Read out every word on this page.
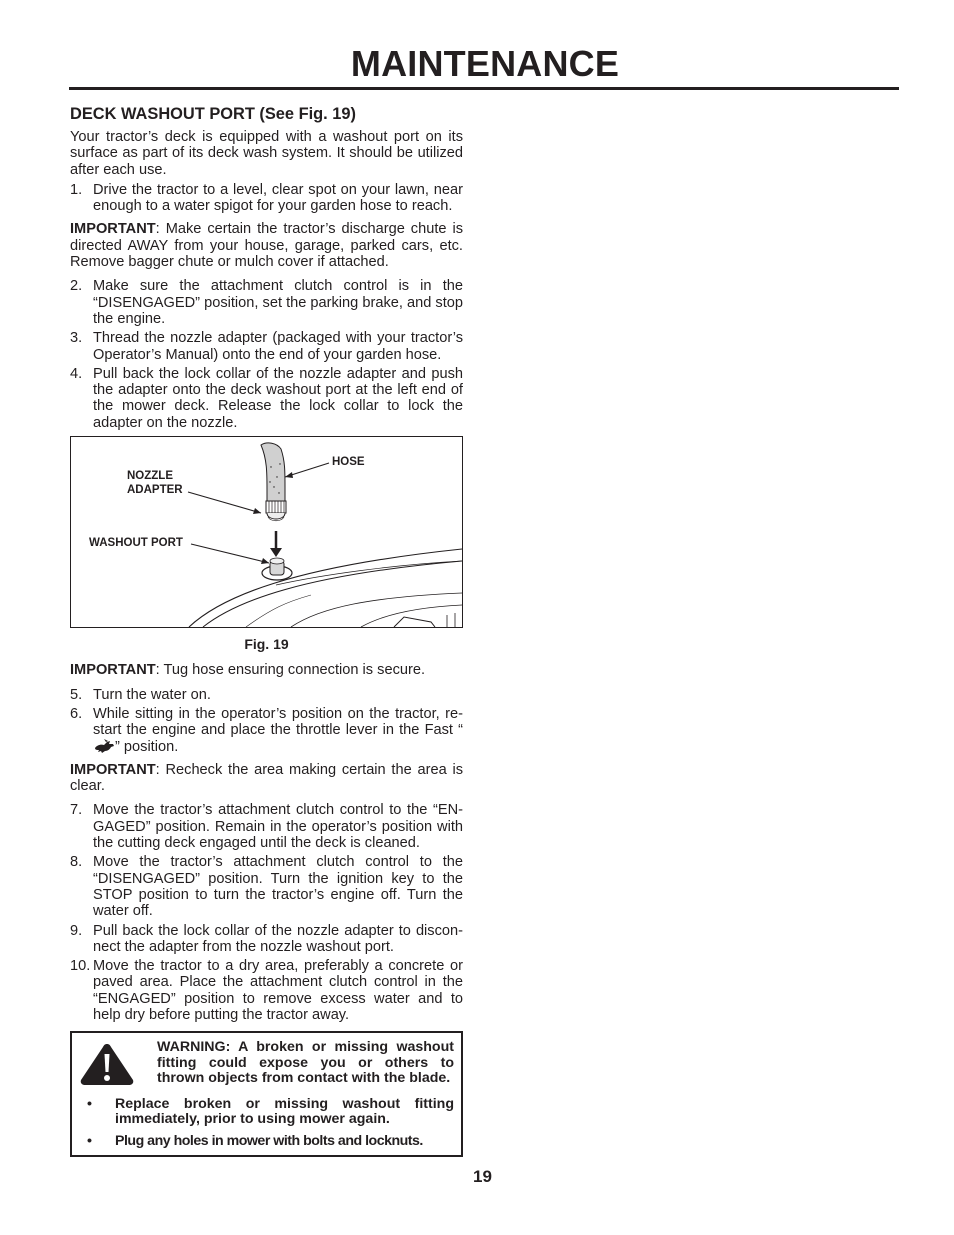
MAINTENANCE
DECK WASHOUT PORT (See Fig. 19)
Your tractor’s deck is equipped with a washout port on its surface as part of its deck wash system. It should be utilized after each use.
1. Drive the tractor to a level, clear spot on your lawn, near enough to a water spigot for your garden hose to reach.
IMPORTANT: Make certain the tractor’s discharge chute is directed AWAY from your house, garage, parked cars, etc. Remove bagger chute or mulch cover if attached.
2. Make sure the attachment clutch control is in the “DISENGAGED” position, set the parking brake, and stop the engine.
3. Thread the nozzle adapter (packaged with your tractor’s Operator’s Manual) onto the end of your garden hose.
4. Pull back the lock collar of the nozzle adapter and push the adapter onto the deck washout port at the left end of the mower deck. Release the lock collar to lock the adapter on the nozzle.
HOSE
NOZZLE
ADAPTER
WASHOUT PORT
Fig. 19
IMPORTANT: Tug hose ensuring connection is secure.
5. Turn the water on.
6. While sitting in the operator’s position on the tractor, re-start the engine and place the throttle lever in the Fast “” position.
IMPORTANT: Recheck the area making certain the area is clear.
7. Move the tractor’s attachment clutch control to the “EN-GAGED” position. Remain in the operator’s position with the cutting deck engaged until the deck is cleaned.
8. Move the tractor’s attachment clutch control to the “DISENGAGED” position. Turn the ignition key to the STOP position to turn the tractor’s engine off. Turn the water off.
9. Pull back the lock collar of the nozzle adapter to discon-nect the adapter from the nozzle washout port.
10. Move the tractor to a dry area, preferably a concrete or paved area. Place the attachment clutch control in the “ENGAGED” position to remove excess water and to help dry before putting the tractor away.
WARNING: A broken or missing washout fitting could expose you or others to thrown objects from contact with the blade.
•	Replace broken or missing washout fitting immediately, prior to using mower again.
•	Plug any holes in mower with bolts and locknuts.
19
